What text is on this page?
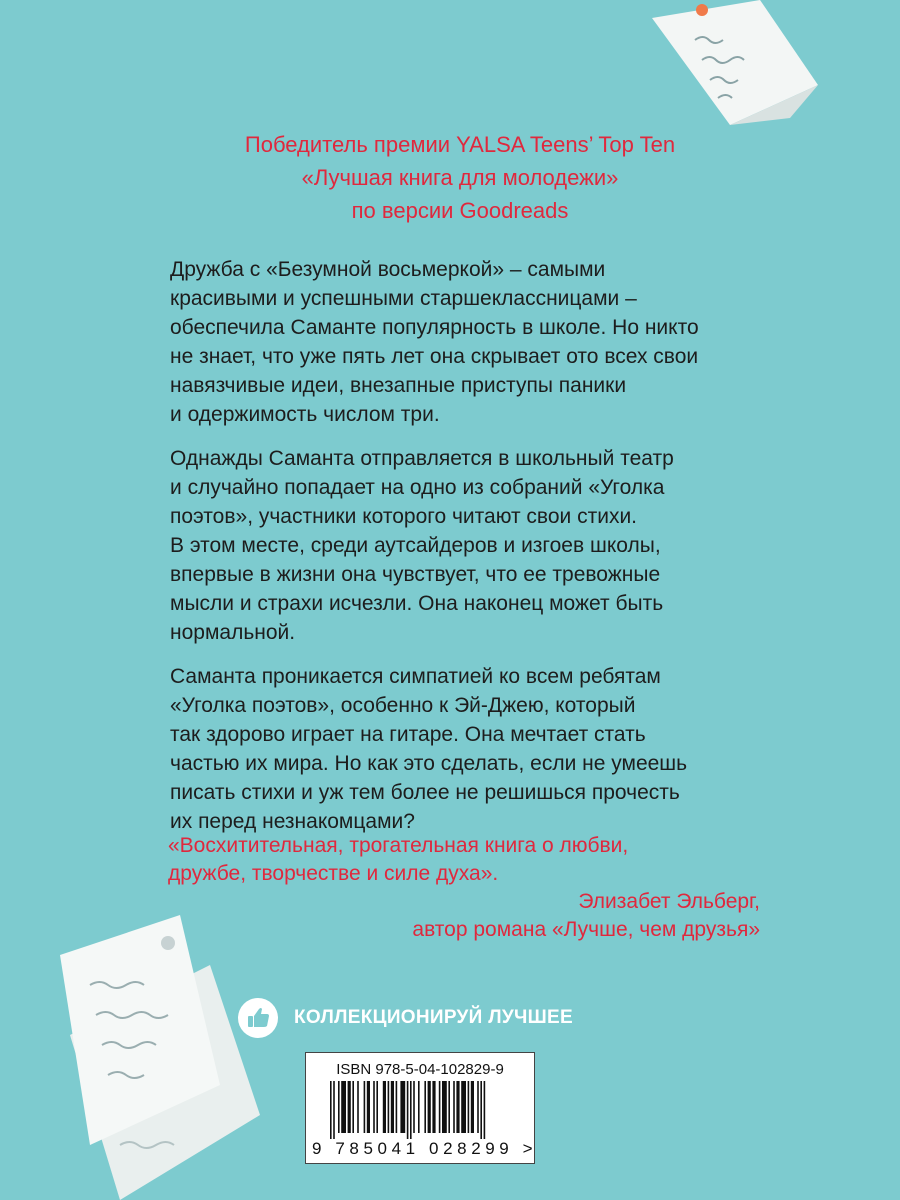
Победитель премии YALSA Teens’ Top Ten
«Лучшая книга для молодежи»
по версии Goodreads

Дружба с «Безумной восьмеркой» – самыми
красивыми и успешными старшеклассницами –
обеспечила Саманте популярность в школе. Но никто
не знает, что уже пять лет она скрывает ото всех свои
навязчивые идеи, внезапные приступы паники
и одержимость числом три.

Однажды Саманта отправляется в школьный театр
и случайно попадает на одно из собраний «Уголка
поэтов», участники которого читают свои стихи.
В этом месте, среди аутсайдеров и изгоев школы,
впервые в жизни она чувствует, что ее тревожные
мысли и страхи исчезли. Она наконец может быть
нормальной.

Саманта проникается симпатией ко всем ребятам
«Уголка поэтов», особенно к Эй-Джею, который
так здорово играет на гитаре. Она мечтает стать
частью их мира. Но как это сделать, если не умеешь
писать стихи и уж тем более не решишься прочесть
их перед незнакомцами?

«Восхитительная, трогательная книга о любви,
дружбе, творчестве и силе духа».
Элизабет Эльберг,
автор романа «Лучше, чем друзья»
КОЛЛЕКЦИОНИРУЙ ЛУЧШЕЕ
ISBN 978-5-04-102829-9
9 785041 028299 >
